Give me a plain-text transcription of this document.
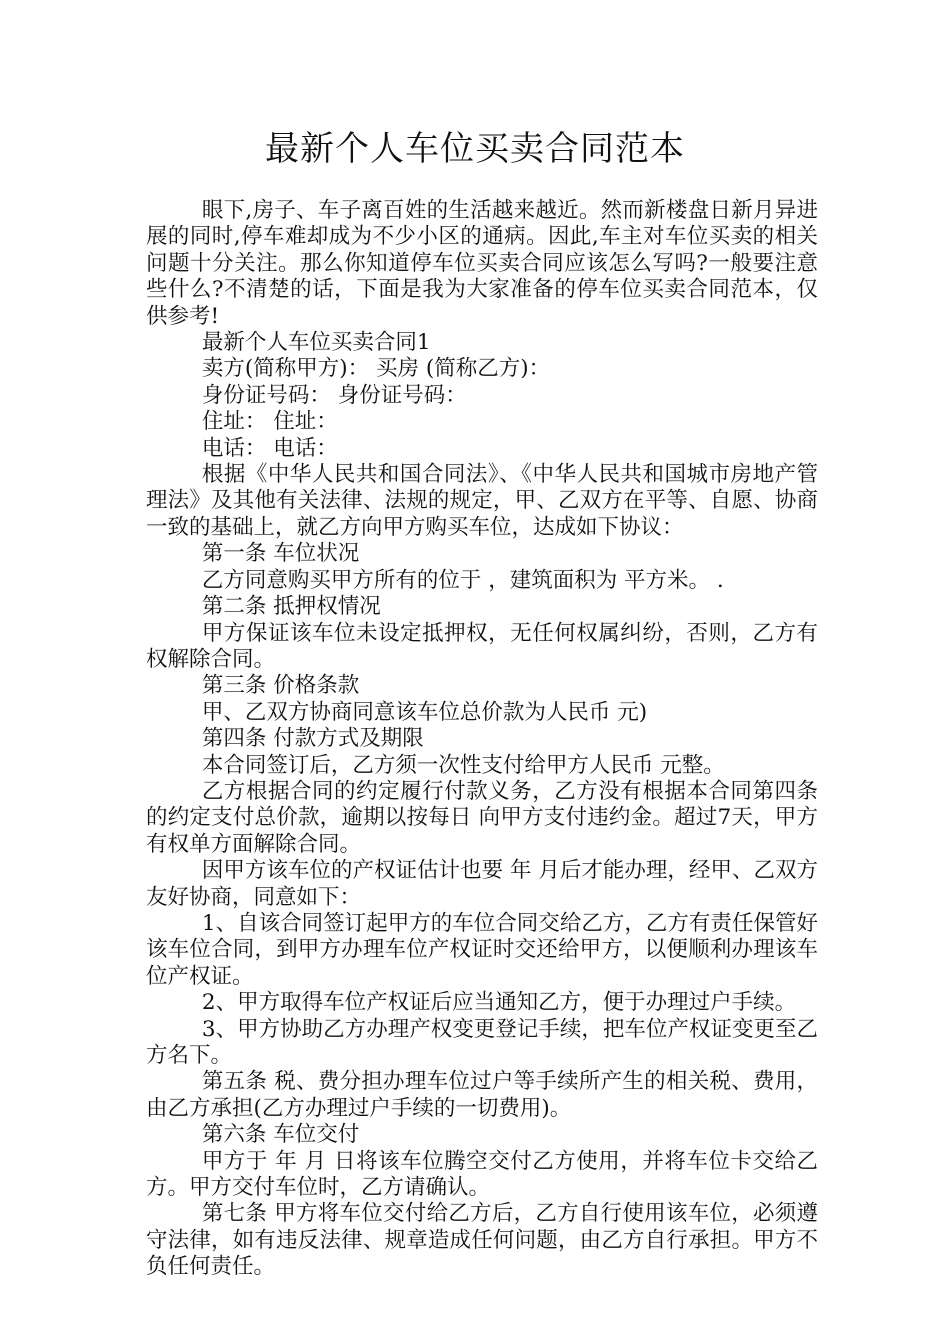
最新个人车位买卖合同范本

眼下,房子、车子离百姓的生活越来越近。然而新楼盘日新月异进展的同时,停车难却成为不少小区的通病。因此,车主对车位买卖的相关问题十分关注。那么你知道停车位买卖合同应该怎么写吗?一般要注意些什么?不清楚的话，下面是我为大家准备的停车位买卖合同范本，仅供参考!

最新个人车位买卖合同1

卖方(简称甲方)： 买房 (简称乙方)：

身份证号码： 身份证号码：

住址： 住址：

电话： 电话：

根据《中华人民共和国合同法》、《中华人民共和国城市房地产管理法》及其他有关法律、法规的规定，甲、乙双方在平等、自愿、协商一致的基础上，就乙方向甲方购买车位，达成如下协议：

第一条 车位状况

乙方同意购买甲方所有的位于 ，建筑面积为 平方米。 .

第二条 抵押权情况

甲方保证该车位未设定抵押权，无任何权属纠纷，否则，乙方有权解除合同。

第三条 价格条款

甲、乙双方协商同意该车位总价款为人民币 元)

第四条 付款方式及期限

本合同签订后，乙方须一次性支付给甲方人民币 元整。

乙方根据合同的约定履行付款义务，乙方没有根据本合同第四条的约定支付总价款，逾期以按每日 向甲方支付违约金。超过7天，甲方有权单方面解除合同。

因甲方该车位的产权证估计也要 年 月后才能办理，经甲、乙双方友好协商，同意如下：

1、自该合同签订起甲方的车位合同交给乙方，乙方有责任保管好该车位合同，到甲方办理车位产权证时交还给甲方，以便顺利办理该车位产权证。

2、甲方取得车位产权证后应当通知乙方，便于办理过户手续。

3、甲方协助乙方办理产权变更登记手续，把车位产权证变更至乙方名下。

第五条 税、费分担办理车位过户等手续所产生的相关税、费用，由乙方承担(乙方办理过户手续的一切费用)。

第六条 车位交付

甲方于 年 月 日将该车位腾空交付乙方使用，并将车位卡交给乙方。甲方交付车位时，乙方请确认。

第七条 甲方将车位交付给乙方后，乙方自行使用该车位，必须遵守法律，如有违反法律、规章造成任何问题，由乙方自行承担。甲方不负任何责任。
